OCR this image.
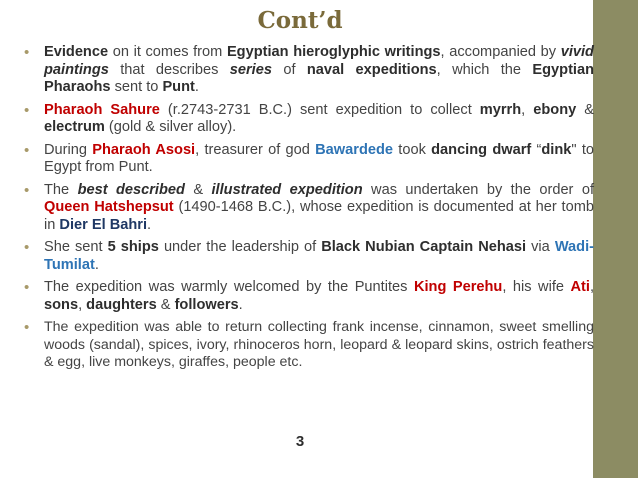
Cont’d
• Evidence on it comes from Egyptian hieroglyphic writings, accompanied by vivid paintings that describes series of naval expeditions, which the Egyptian Pharaohs sent to Punt.
• Pharaoh Sahure (r.2743-2731 B.C.) sent expedition to collect myrrh, ebony & electrum (gold & silver alloy).
• During Pharaoh Asosi, treasurer of god Bawardede took dancing dwarf “dink" to Egypt from Punt.
• The best described & illustrated expedition was undertaken by the order of Queen Hatshepsut (1490-1468 B.C.), whose expedition is documented at her tomb in Dier El Bahri.
• She sent 5 ships under the leadership of Black Nubian Captain Nehasi via Wadi-Tumilat.
• The expedition was warmly welcomed by the Puntites King Perehu, his wife Ati, sons, daughters & followers.
• The expedition was able to return collecting frank incense, cinnamon, sweet smelling woods (sandal), spices, ivory, rhinoceros horn, leopard & leopard skins, ostrich feathers & egg, live monkeys, giraffes, people etc.
3
